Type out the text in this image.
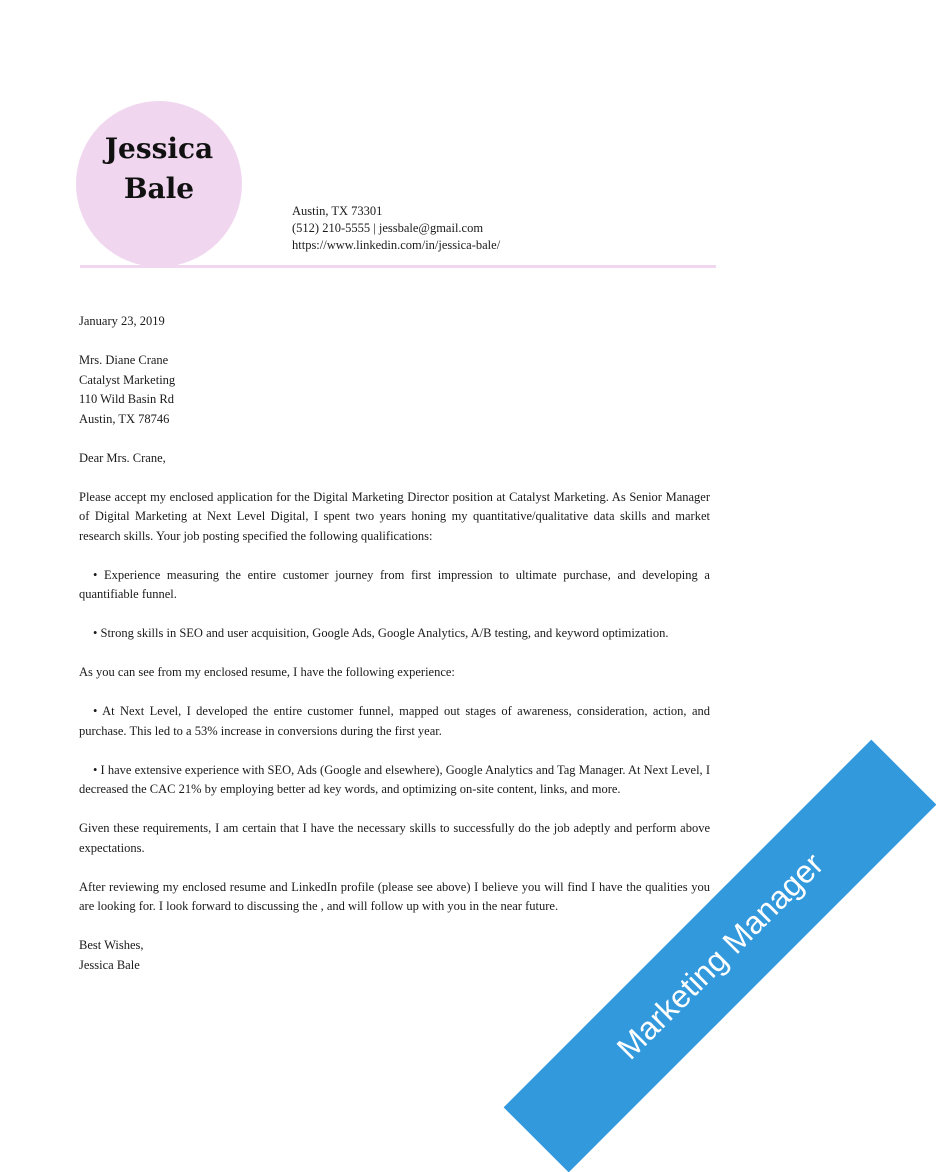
Jessica
Bale
Austin, TX 73301
(512) 210-5555 | jessbale@gmail.com
https://www.linkedin.com/in/jessica-bale/

January 23, 2019

Mrs. Diane Crane

Catalyst Marketing

110 Wild Basin Rd

Austin, TX 78746

Dear Mrs. Crane,

Please accept my enclosed application for the Digital Marketing Director position at Catalyst Marketing. As Senior Manager of Digital Marketing at Next Level Digital, I spent two years honing my quantitative/qualitative data skills and market research skills. Your job posting specified the following qualifications:

• Experience measuring the entire customer journey from first impression to ultimate purchase, and developing a quantifiable funnel.

• Strong skills in SEO and user acquisition, Google Ads, Google Analytics, A/B testing, and keyword optimization.

As you can see from my enclosed resume, I have the following experience:

• At Next Level, I developed the entire customer funnel, mapped out stages of awareness, consideration, action, and purchase. This led to a 53% increase in conversions during the first year.

• I have extensive experience with SEO, Ads (Google and elsewhere), Google Analytics and Tag Manager. At Next Level, I decreased the CAC 21% by employing better ad key words, and optimizing on-site content, links, and more.

Given these requirements, I am certain that I have the necessary skills to successfully do the job adeptly and perform above expectations.

After reviewing my enclosed resume and LinkedIn profile (please see above) I believe you will find I have the qualities you are looking for. I look forward to discussing the , and will follow up with you in the near future.

Best Wishes,

Jessica Bale	Marketing Manager
